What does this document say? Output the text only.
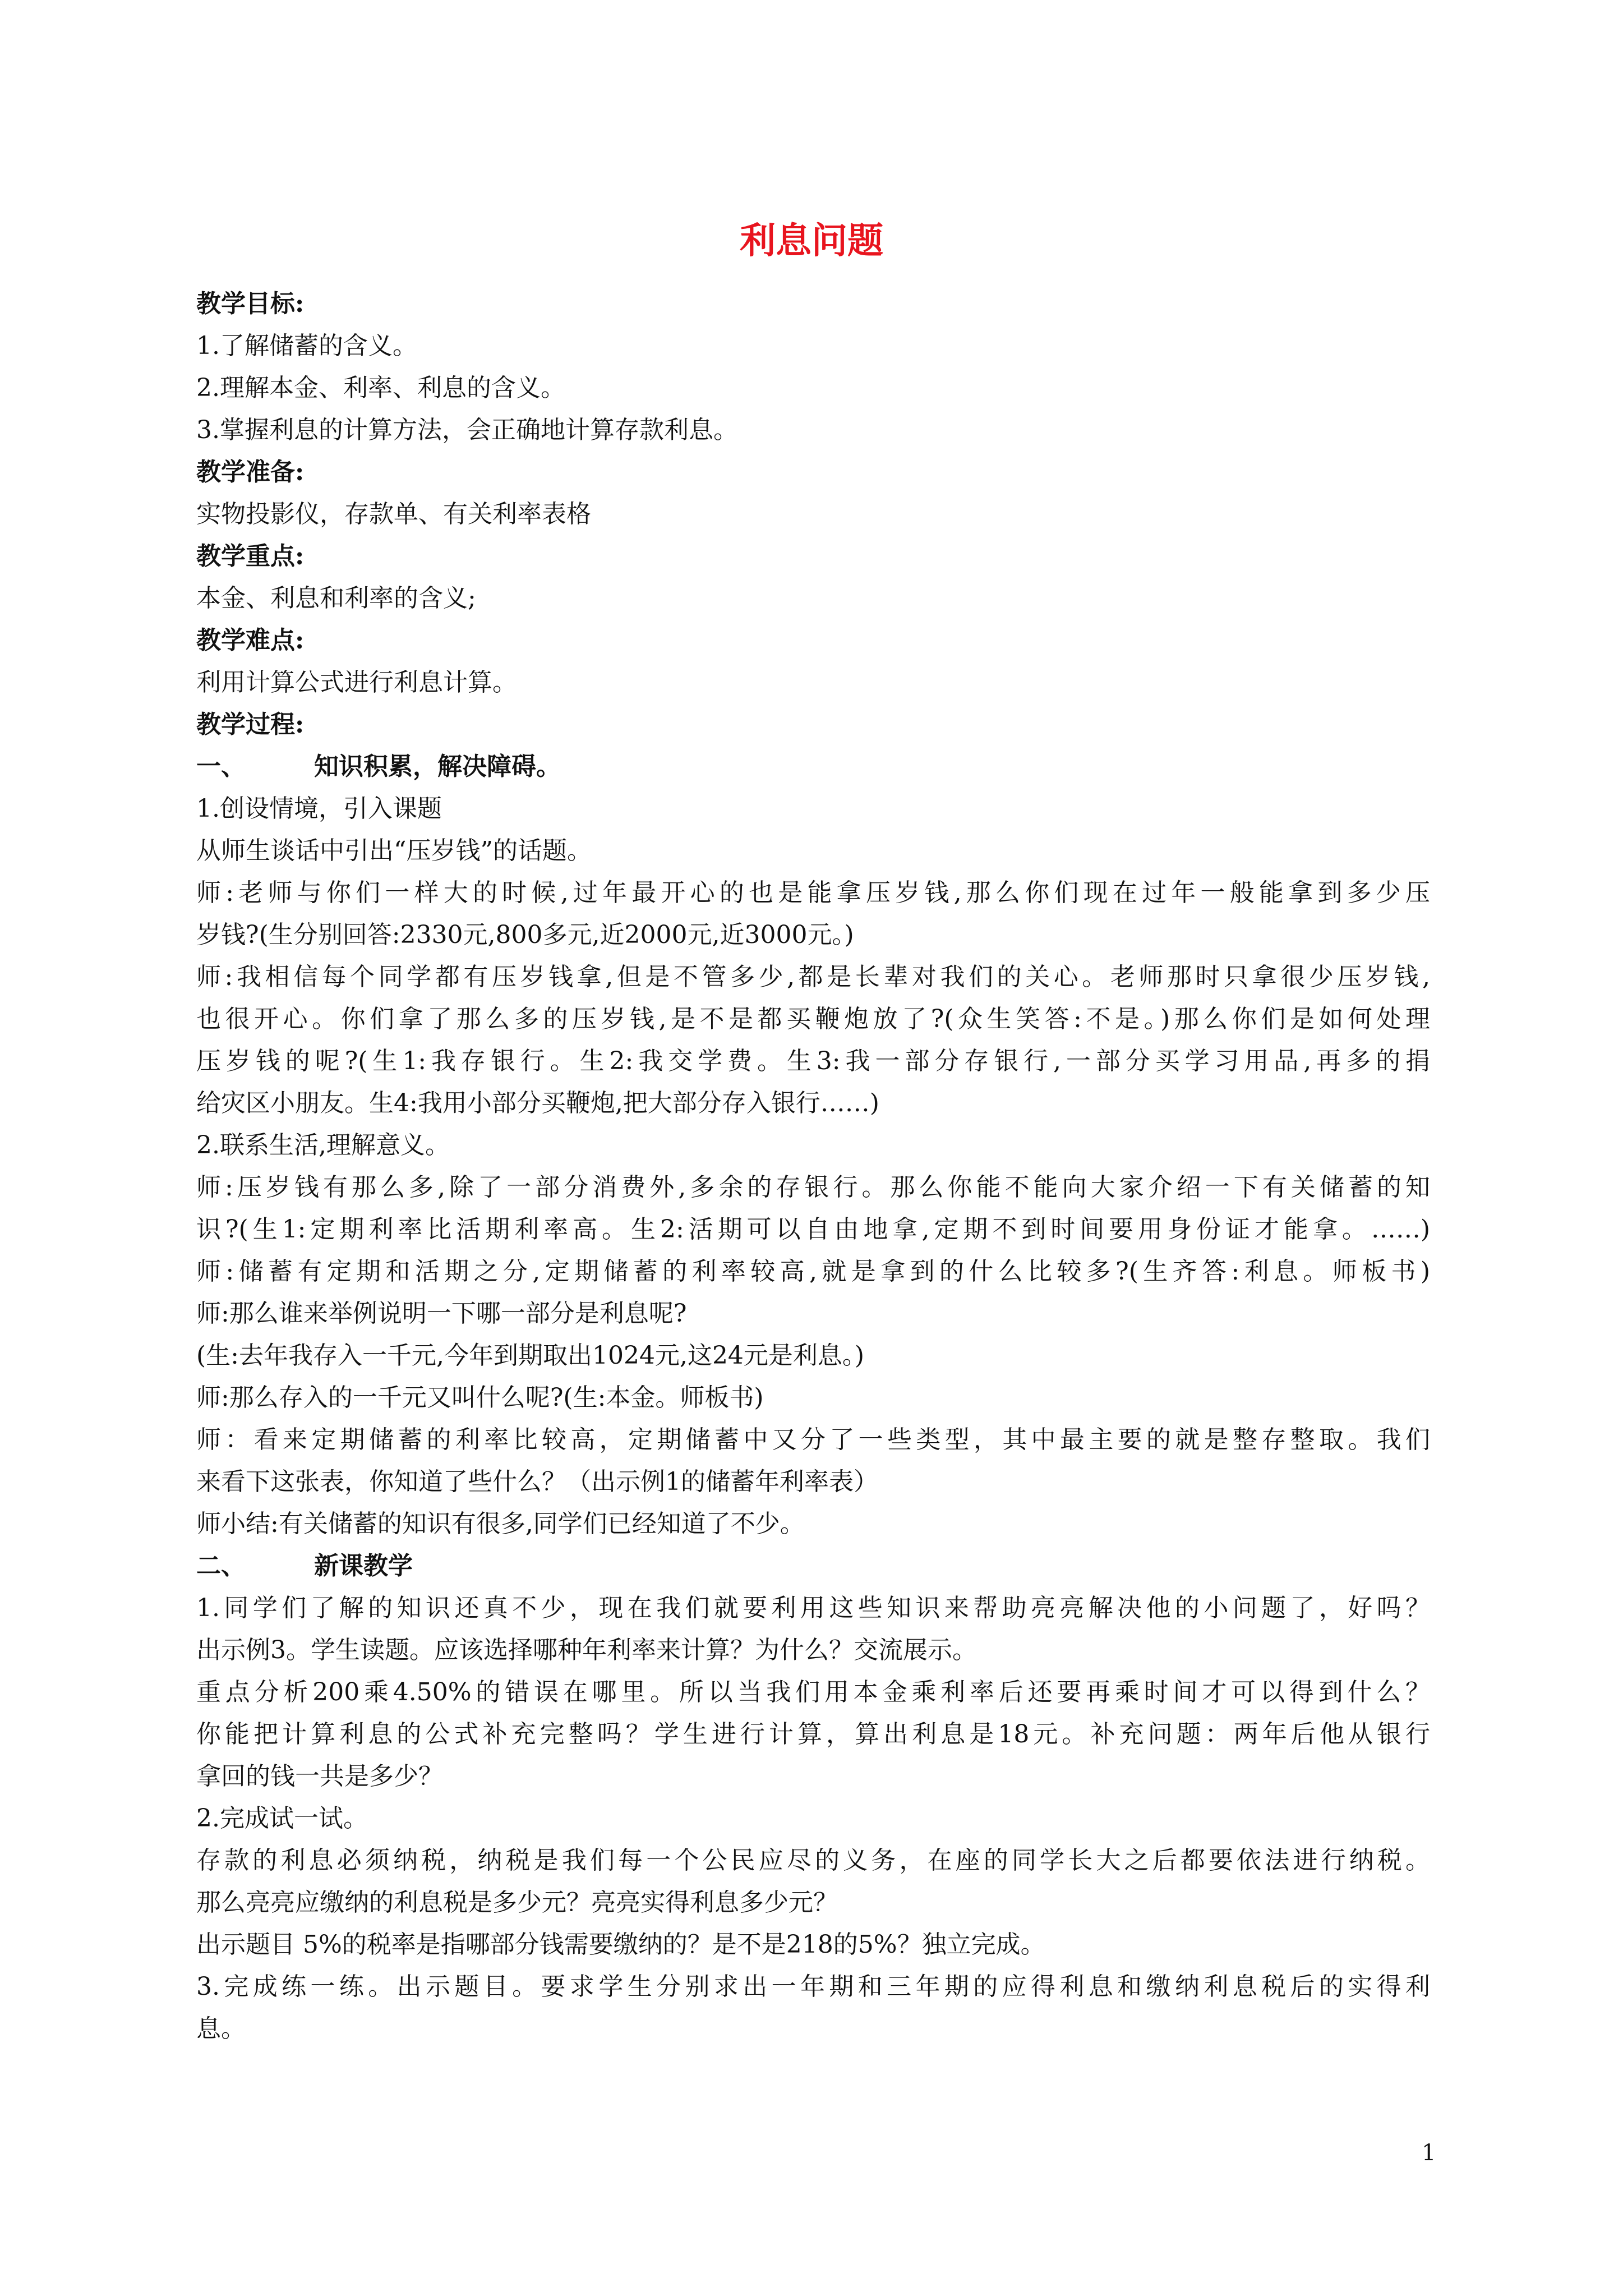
利息问题
教学目标:
1.了解储蓄的含义。
2.理解本金、利率、利息的含义。
3.掌握利息的计算方法，会正确地计算存款利息。
教学准备:
实物投影仪，存款单、有关利率表格
教学重点:
本金、利息和利率的含义;
教学难点:
利用计算公式进行利息计算。
教学过程:
一、	知识积累，解决障碍。
1.创设情境，引入课题
从师生谈话中引出“压岁钱”的话题。
师:老师与你们一样大的时候,过年最开心的也是能拿压岁钱,那么你们现在过年一般能拿到多少压
岁钱?(生分别回答:2330元,800多元,近2000元,近3000元。)
师:我相信每个同学都有压岁钱拿,但是不管多少,都是长辈对我们的关心。老师那时只拿很少压岁钱,
也很开心。你们拿了那么多的压岁钱,是不是都买鞭炮放了?(众生笑答:不是。)那么你们是如何处理
压岁钱的呢?(生1:我存银行。生2:我交学费。生3:我一部分存银行,一部分买学习用品,再多的捐
给灾区小朋友。生4:我用小部分买鞭炮,把大部分存入银行……)
2.联系生活,理解意义。
师:压岁钱有那么多,除了一部分消费外,多余的存银行。那么你能不能向大家介绍一下有关储蓄的知
识?(生1:定期利率比活期利率高。生2:活期可以自由地拿,定期不到时间要用身份证才能拿。……)
师:储蓄有定期和活期之分,定期储蓄的利率较高,就是拿到的什么比较多?(生齐答:利息。师板书)
师:那么谁来举例说明一下哪一部分是利息呢?
(生:去年我存入一千元,今年到期取出1024元,这24元是利息。)
师:那么存入的一千元又叫什么呢?(生:本金。师板书)
师：看来定期储蓄的利率比较高，定期储蓄中又分了一些类型，其中最主要的就是整存整取。我们
来看下这张表，你知道了些什么？（出示例1的储蓄年利率表）
师小结:有关储蓄的知识有很多,同学们已经知道了不少。
二、	新课教学
1.同学们了解的知识还真不少，现在我们就要利用这些知识来帮助亮亮解决他的小问题了，好吗？
出示例3。学生读题。应该选择哪种年利率来计算？为什么？交流展示。
重点分析200乘4.50%的错误在哪里。所以当我们用本金乘利率后还要再乘时间才可以得到什么？
你能把计算利息的公式补充完整吗？学生进行计算，算出利息是18元。补充问题：两年后他从银行
拿回的钱一共是多少？
2.完成试一试。
存款的利息必须纳税，纳税是我们每一个公民应尽的义务，在座的同学长大之后都要依法进行纳税。
那么亮亮应缴纳的利息税是多少元？亮亮实得利息多少元？
出示题目 5%的税率是指哪部分钱需要缴纳的？是不是218的5%？独立完成。
3.完成练一练。出示题目。要求学生分别求出一年期和三年期的应得利息和缴纳利息税后的实得利
息。
1
